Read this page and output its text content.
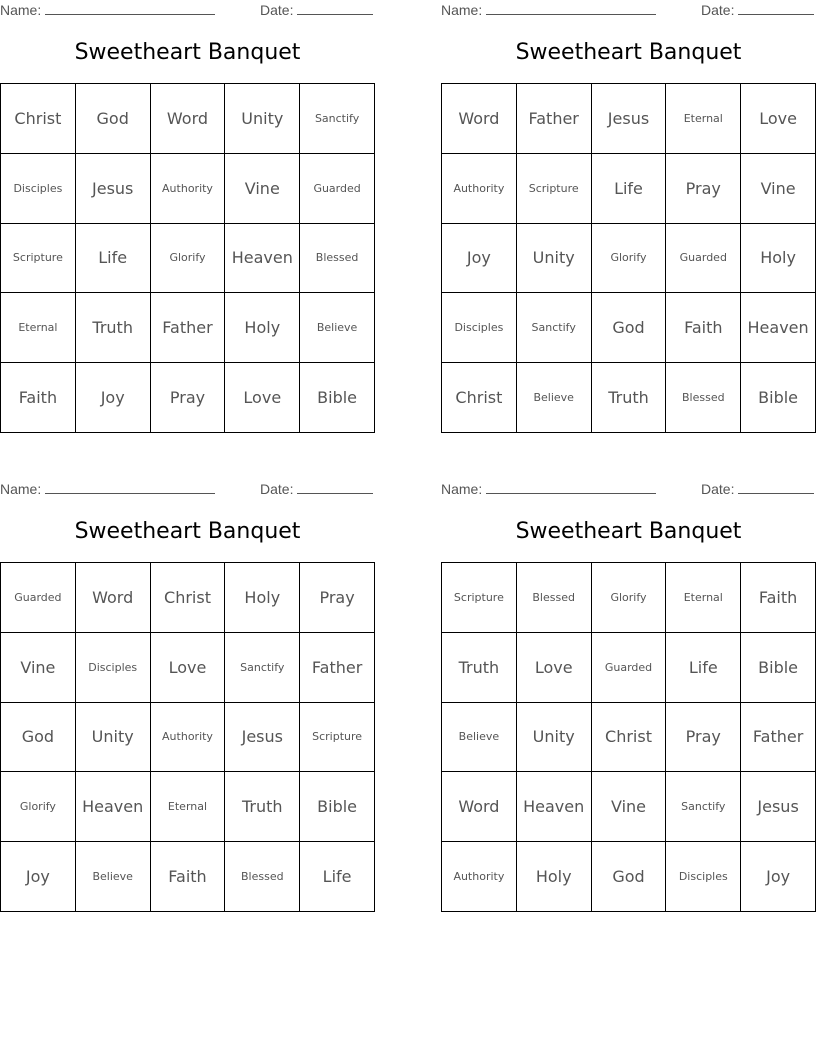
Name:	Date:
Sweetheart Banquet
Christ	God	Word	Unity	Sanctify
Disciples	Jesus	Authority	Vine	Guarded
Scripture	Life	Glorify	Heaven	Blessed
Eternal	Truth	Father	Holy	Believe
Faith	Joy	Pray	Love	Bible
Name:	Date:
Sweetheart Banquet
Word	Father	Jesus	Eternal	Love
Authority	Scripture	Life	Pray	Vine
Joy	Unity	Glorify	Guarded	Holy
Disciples	Sanctify	God	Faith	Heaven
Christ	Believe	Truth	Blessed	Bible
Name:	Date:
Sweetheart Banquet
Guarded	Word	Christ	Holy	Pray
Vine	Disciples	Love	Sanctify	Father
God	Unity	Authority	Jesus	Scripture
Glorify	Heaven	Eternal	Truth	Bible
Joy	Believe	Faith	Blessed	Life
Name:	Date:
Sweetheart Banquet
Scripture	Blessed	Glorify	Eternal	Faith
Truth	Love	Guarded	Life	Bible
Believe	Unity	Christ	Pray	Father
Word	Heaven	Vine	Sanctify	Jesus
Authority	Holy	God	Disciples	Joy
